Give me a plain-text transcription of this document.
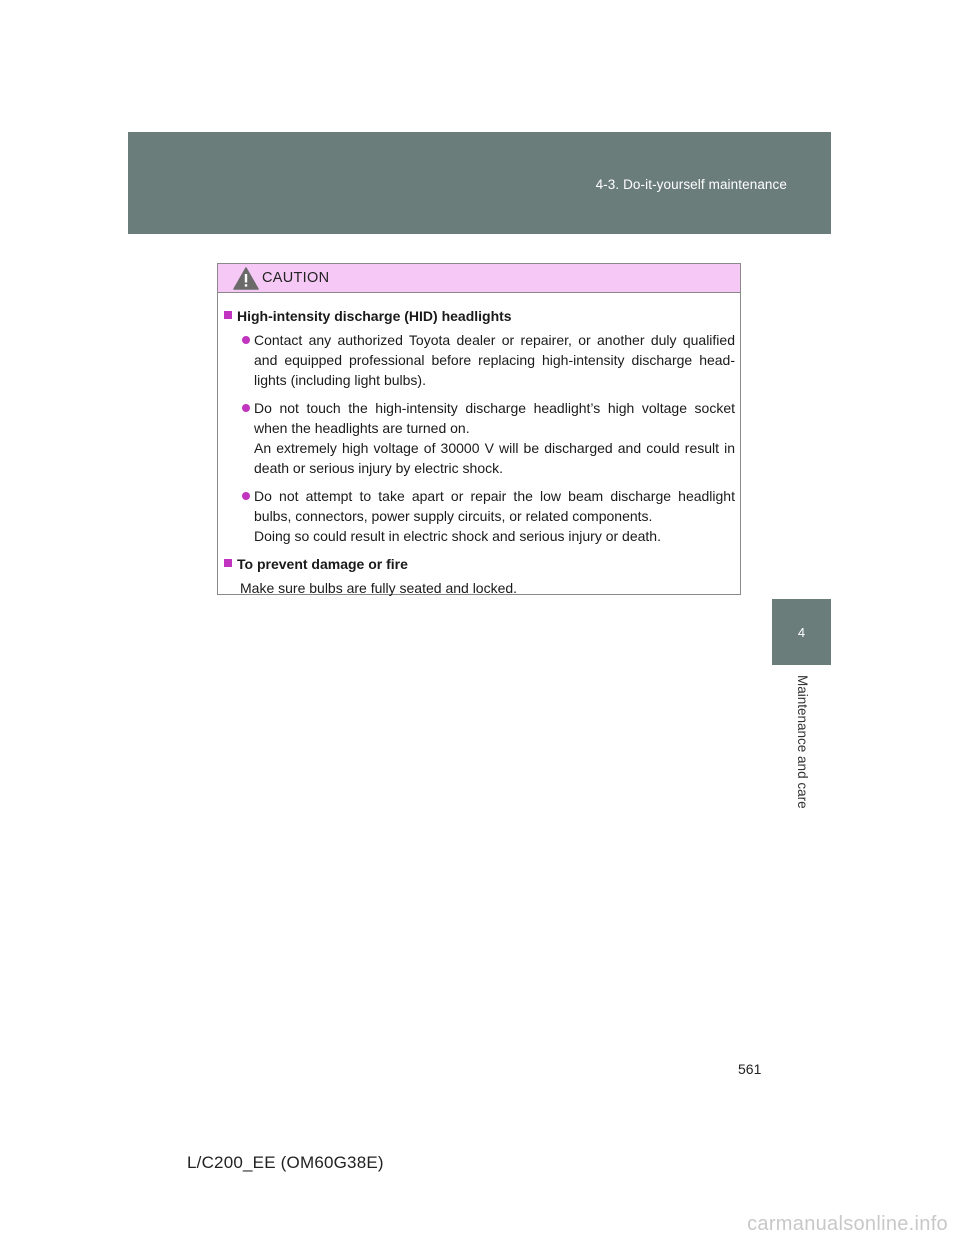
4-3. Do-it-yourself maintenance
4
Maintenance and care
CAUTION
High-intensity discharge (HID) headlights
Contact any authorized Toyota dealer or repairer, or another duly qualified and equipped professional before replacing high-intensity discharge head-lights (including light bulbs).
Do not touch the high-intensity discharge headlight’s high voltage socket when the headlights are turned on.
An extremely high voltage of 30000 V will be discharged and could result in death or serious injury by electric shock.
Do not attempt to take apart or repair the low beam discharge headlight bulbs, connectors, power supply circuits, or related components.
Doing so could result in electric shock and serious injury or death.
To prevent damage or fire
Make sure bulbs are fully seated and locked.
561
L/C200_EE (OM60G38E)
carmanualsonline.info
